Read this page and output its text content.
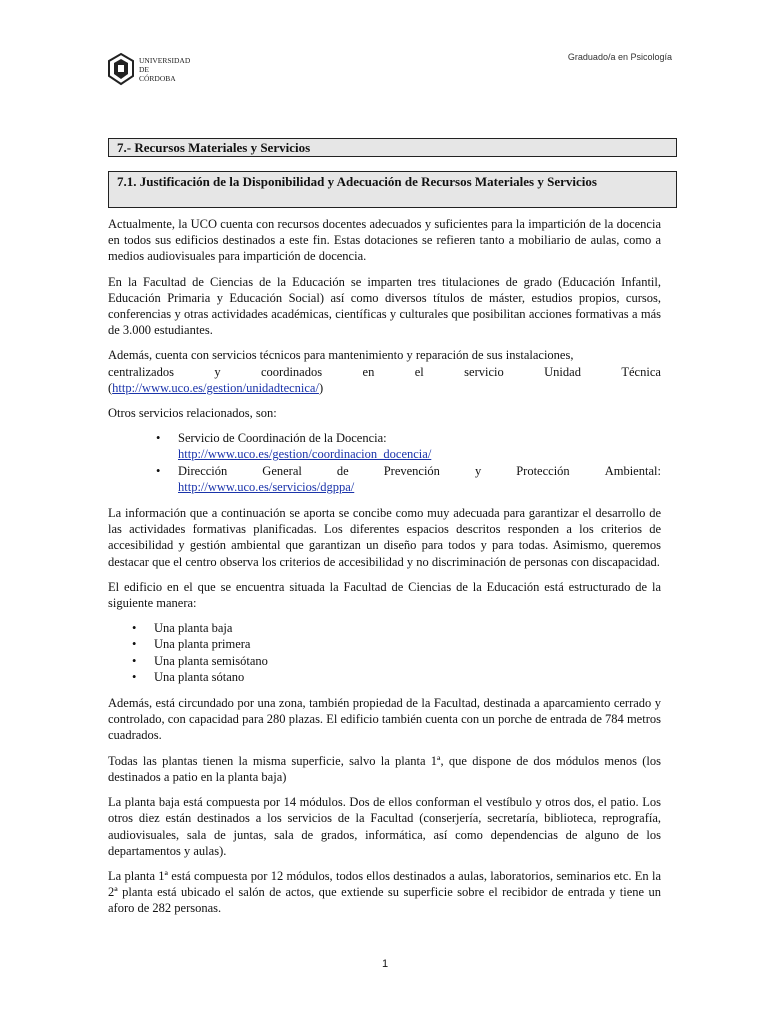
UNIVERSIDAD
DE
CÓRDOBA
Graduado/a en Psicología
7.- Recursos Materiales y Servicios
7.1. Justificación de la Disponibilidad y Adecuación de Recursos Materiales y Servicios

Actualmente, la UCO cuenta con recursos docentes adecuados y suficientes para la impartición de la docencia en todos sus edificios destinados a este fin. Estas dotaciones se refieren tanto a mobiliario de aulas, como a medios audiovisuales para impartición de docencia.

En la Facultad de Ciencias de la Educación se imparten tres titulaciones de grado (Educación Infantil, Educación Primaria y Educación Social) así como diversos títulos de máster, estudios propios, cursos, conferencias y otras actividades académicas, científicas y culturales que posibilitan acciones formativas a más de 3.000 estudiantes.

Además, cuenta con servicios técnicos para mantenimiento y reparación de sus instalaciones,

centralizados	y	coordinados	en	el	servicio	Unidad	Técnica
(http://www.uco.es/gestion/unidadtecnica/)

Otros servicios relacionados, son:

• Servicio de Coordinación de la Docencia:
http://www.uco.es/gestion/coordinacion_docencia/
• Dirección	General	de	Prevención	y	Protección	Ambiental:
http://www.uco.es/servicios/dgppa/

La información que a continuación se aporta se concibe como muy adecuada para garantizar el desarrollo de las actividades formativas planificadas. Los diferentes espacios descritos responden a los criterios de accesibilidad y gestión ambiental que garantizan un diseño para todos y para todas. Asimismo, queremos destacar que el centro observa los criterios de accesibilidad y no discriminación de personas con discapacidad.

El edificio en el que se encuentra situada la Facultad de Ciencias de la Educación está estructurado de la siguiente manera:

• Una planta baja
• Una planta primera
• Una planta semisótano
• Una planta sótano

Además, está circundado por una zona, también propiedad de la Facultad, destinada a aparcamiento cerrado y controlado, con capacidad para 280 plazas. El edificio también cuenta con un porche de entrada de 784 metros cuadrados.

Todas las plantas tienen la misma superficie, salvo la planta 1ª, que dispone de dos módulos menos (los destinados a patio en la planta baja)

La planta baja está compuesta por 14 módulos. Dos de ellos conforman el vestíbulo y otros dos, el patio. Los otros diez están destinados a los servicios de la Facultad (conserjería, secretaría, biblioteca, reprografía, audiovisuales, sala de juntas, sala de grados, informática, así como dependencias de alguno de los departamentos y aulas).

La planta 1ª está compuesta por 12 módulos, todos ellos destinados a aulas, laboratorios, seminarios etc. En la 2ª planta está ubicado el salón de actos, que extiende su superficie sobre el recibidor de entrada y tiene un aforo de 282 personas.

1
